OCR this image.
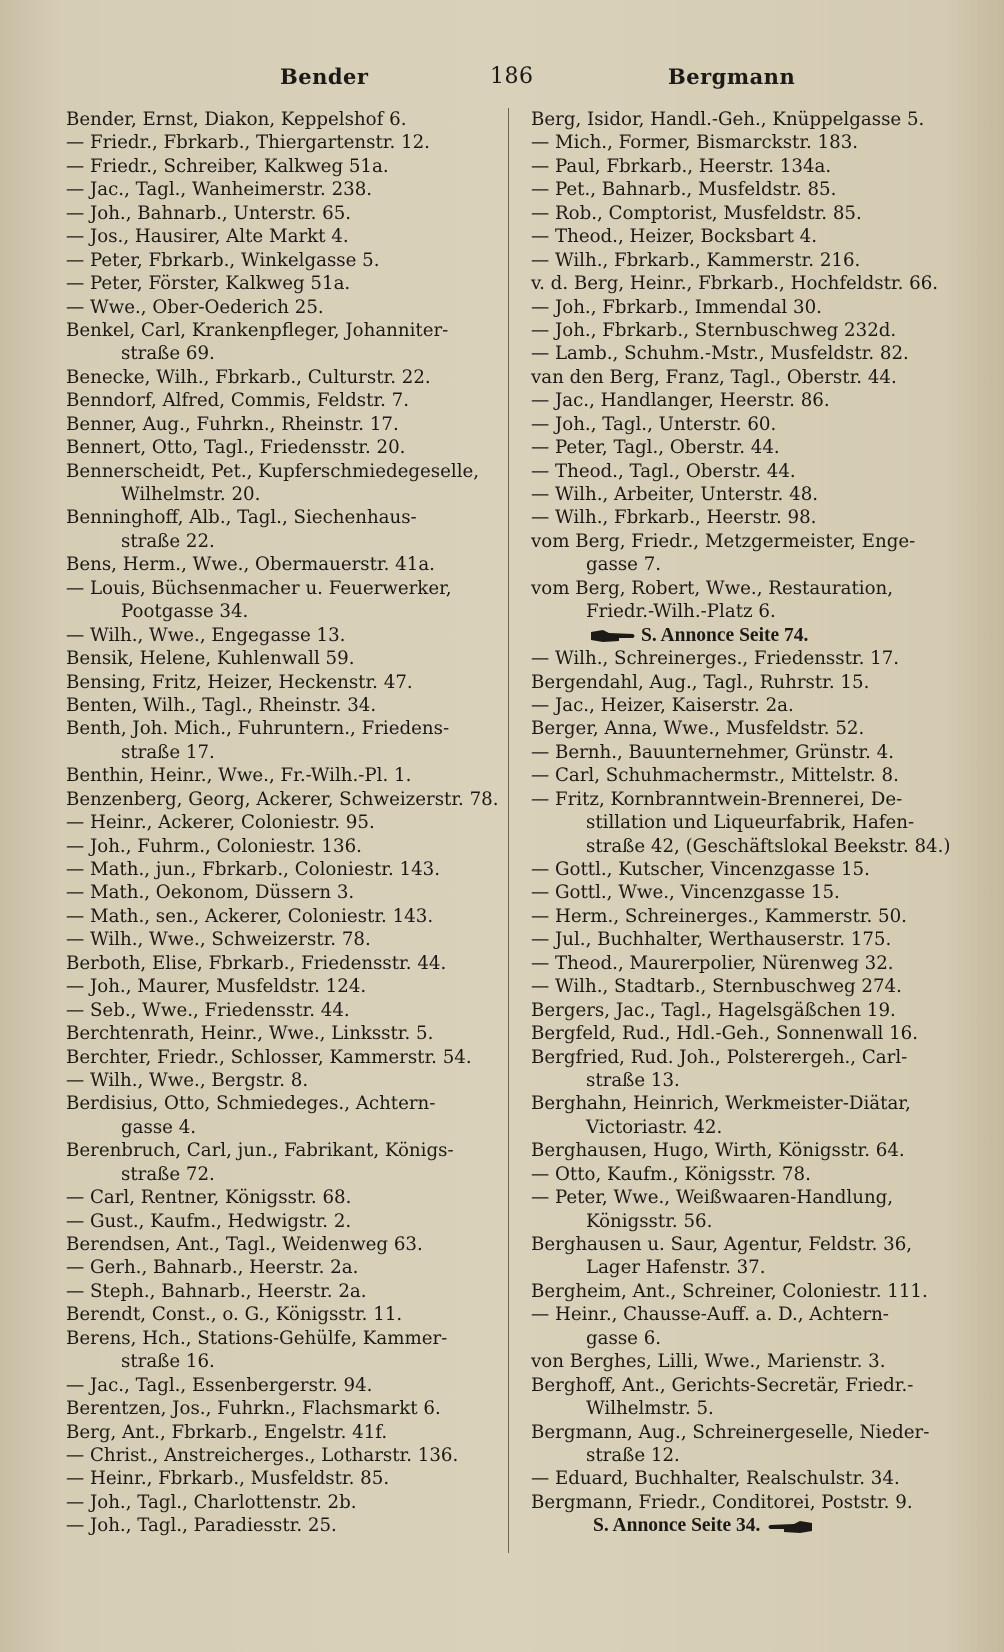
Bender	186	Bergmann
Bender, Ernst, Diakon, Keppelshof 6.
— Friedr., Fbrkarb., Thiergartenstr. 12.
— Friedr., Schreiber, Kalkweg 51a.
— Jac., Tagl., Wanheimerstr. 238.
— Joh., Bahnarb., Unterstr. 65.
— Jos., Hausirer, Alte Markt 4.
— Peter, Fbrkarb., Winkelgasse 5.
— Peter, Förster, Kalkweg 51a.
— Wwe., Ober-Oederich 25.
Benkel, Carl, Krankenpfleger, Johanniter-
straße 69.
Benecke, Wilh., Fbrkarb., Culturstr. 22.
Benndorf, Alfred, Commis, Feldstr. 7.
Benner, Aug., Fuhrkn., Rheinstr. 17.
Bennert, Otto, Tagl., Friedensstr. 20.
Bennerscheidt, Pet., Kupferschmiedegeselle,
Wilhelmstr. 20.
Benninghoff, Alb., Tagl., Siechenhaus-
straße 22.
Bens, Herm., Wwe., Obermauerstr. 41a.
— Louis, Büchsenmacher u. Feuerwerker,
Pootgasse 34.
— Wilh., Wwe., Engegasse 13.
Bensik, Helene, Kuhlenwall 59.
Bensing, Fritz, Heizer, Heckenstr. 47.
Benten, Wilh., Tagl., Rheinstr. 34.
Benth, Joh. Mich., Fuhruntern., Friedens-
straße 17.
Benthin, Heinr., Wwe., Fr.-Wilh.-Pl. 1.
Benzenberg, Georg, Ackerer, Schweizerstr. 78.
— Heinr., Ackerer, Coloniestr. 95.
— Joh., Fuhrm., Coloniestr. 136.
— Math., jun., Fbrkarb., Coloniestr. 143.
— Math., Oekonom, Düssern 3.
— Math., sen., Ackerer, Coloniestr. 143.
— Wilh., Wwe., Schweizerstr. 78.
Berboth, Elise, Fbrkarb., Friedensstr. 44.
— Joh., Maurer, Musfeldstr. 124.
— Seb., Wwe., Friedensstr. 44.
Berchtenrath, Heinr., Wwe., Linksstr. 5.
Berchter, Friedr., Schlosser, Kammerstr. 54.
— Wilh., Wwe., Bergstr. 8.
Berdisius, Otto, Schmiedeges., Achtern-
gasse 4.
Berenbruch, Carl, jun., Fabrikant, Königs-
straße 72.
— Carl, Rentner, Königsstr. 68.
— Gust., Kaufm., Hedwigstr. 2.
Berendsen, Ant., Tagl., Weidenweg 63.
— Gerh., Bahnarb., Heerstr. 2a.
— Steph., Bahnarb., Heerstr. 2a.
Berendt, Const., o. G., Königsstr. 11.
Berens, Hch., Stations-Gehülfe, Kammer-
straße 16.
— Jac., Tagl., Essenbergerstr. 94.
Berentzen, Jos., Fuhrkn., Flachsmarkt 6.
Berg, Ant., Fbrkarb., Engelstr. 41f.
— Christ., Anstreicherges., Lotharstr. 136.
— Heinr., Fbrkarb., Musfeldstr. 85.
— Joh., Tagl., Charlottenstr. 2b.
— Joh., Tagl., Paradiesstr. 25.
Berg, Isidor, Handl.-Geh., Knüppelgasse 5.
— Mich., Former, Bismarckstr. 183.
— Paul, Fbrkarb., Heerstr. 134a.
— Pet., Bahnarb., Musfeldstr. 85.
— Rob., Comptorist, Musfeldstr. 85.
— Theod., Heizer, Bocksbart 4.
— Wilh., Fbrkarb., Kammerstr. 216.
v. d. Berg, Heinr., Fbrkarb., Hochfeldstr. 66.
— Joh., Fbrkarb., Immendal 30.
— Joh., Fbrkarb., Sternbuschweg 232d.
— Lamb., Schuhm.-Mstr., Musfeldstr. 82.
van den Berg, Franz, Tagl., Oberstr. 44.
— Jac., Handlanger, Heerstr. 86.
— Joh., Tagl., Unterstr. 60.
— Peter, Tagl., Oberstr. 44.
— Theod., Tagl., Oberstr. 44.
— Wilh., Arbeiter, Unterstr. 48.
— Wilh., Fbrkarb., Heerstr. 98.
vom Berg, Friedr., Metzgermeister, Enge-
gasse 7.
vom Berg, Robert, Wwe., Restauration,
Friedr.-Wilh.-Platz 6.
S. Annonce Seite 74.
— Wilh., Schreinerges., Friedensstr. 17.
Bergendahl, Aug., Tagl., Ruhrstr. 15.
— Jac., Heizer, Kaiserstr. 2a.
Berger, Anna, Wwe., Musfeldstr. 52.
— Bernh., Bauunternehmer, Grünstr. 4.
— Carl, Schuhmachermstr., Mittelstr. 8.
— Fritz, Kornbranntwein-Brennerei, De-
stillation und Liqueurfabrik, Hafen-
straße 42, (Geschäftslokal Beekstr. 84.)
— Gottl., Kutscher, Vincenzgasse 15.
— Gottl., Wwe., Vincenzgasse 15.
— Herm., Schreinerges., Kammerstr. 50.
— Jul., Buchhalter, Werthauserstr. 175.
— Theod., Maurerpolier, Nürenweg 32.
— Wilh., Stadtarb., Sternbuschweg 274.
Bergers, Jac., Tagl., Hagelsgäßchen 19.
Bergfeld, Rud., Hdl.-Geh., Sonnenwall 16.
Bergfried, Rud. Joh., Polsterergeh., Carl-
straße 13.
Berghahn, Heinrich, Werkmeister-Diätar,
Victoriastr. 42.
Berghausen, Hugo, Wirth, Königsstr. 64.
— Otto, Kaufm., Königsstr. 78.
— Peter, Wwe., Weißwaaren-Handlung,
Königsstr. 56.
Berghausen u. Saur, Agentur, Feldstr. 36,
Lager Hafenstr. 37.
Bergheim, Ant., Schreiner, Coloniestr. 111.
— Heinr., Chausse-Auff. a. D., Achtern-
gasse 6.
von Berghes, Lilli, Wwe., Marienstr. 3.
Berghoff, Ant., Gerichts-Secretär, Friedr.-
Wilhelmstr. 5.
Bergmann, Aug., Schreinergeselle, Nieder-
straße 12.
— Eduard, Buchhalter, Realschulstr. 34.
Bergmann, Friedr., Conditorei, Poststr. 9.
S. Annonce Seite 34.
